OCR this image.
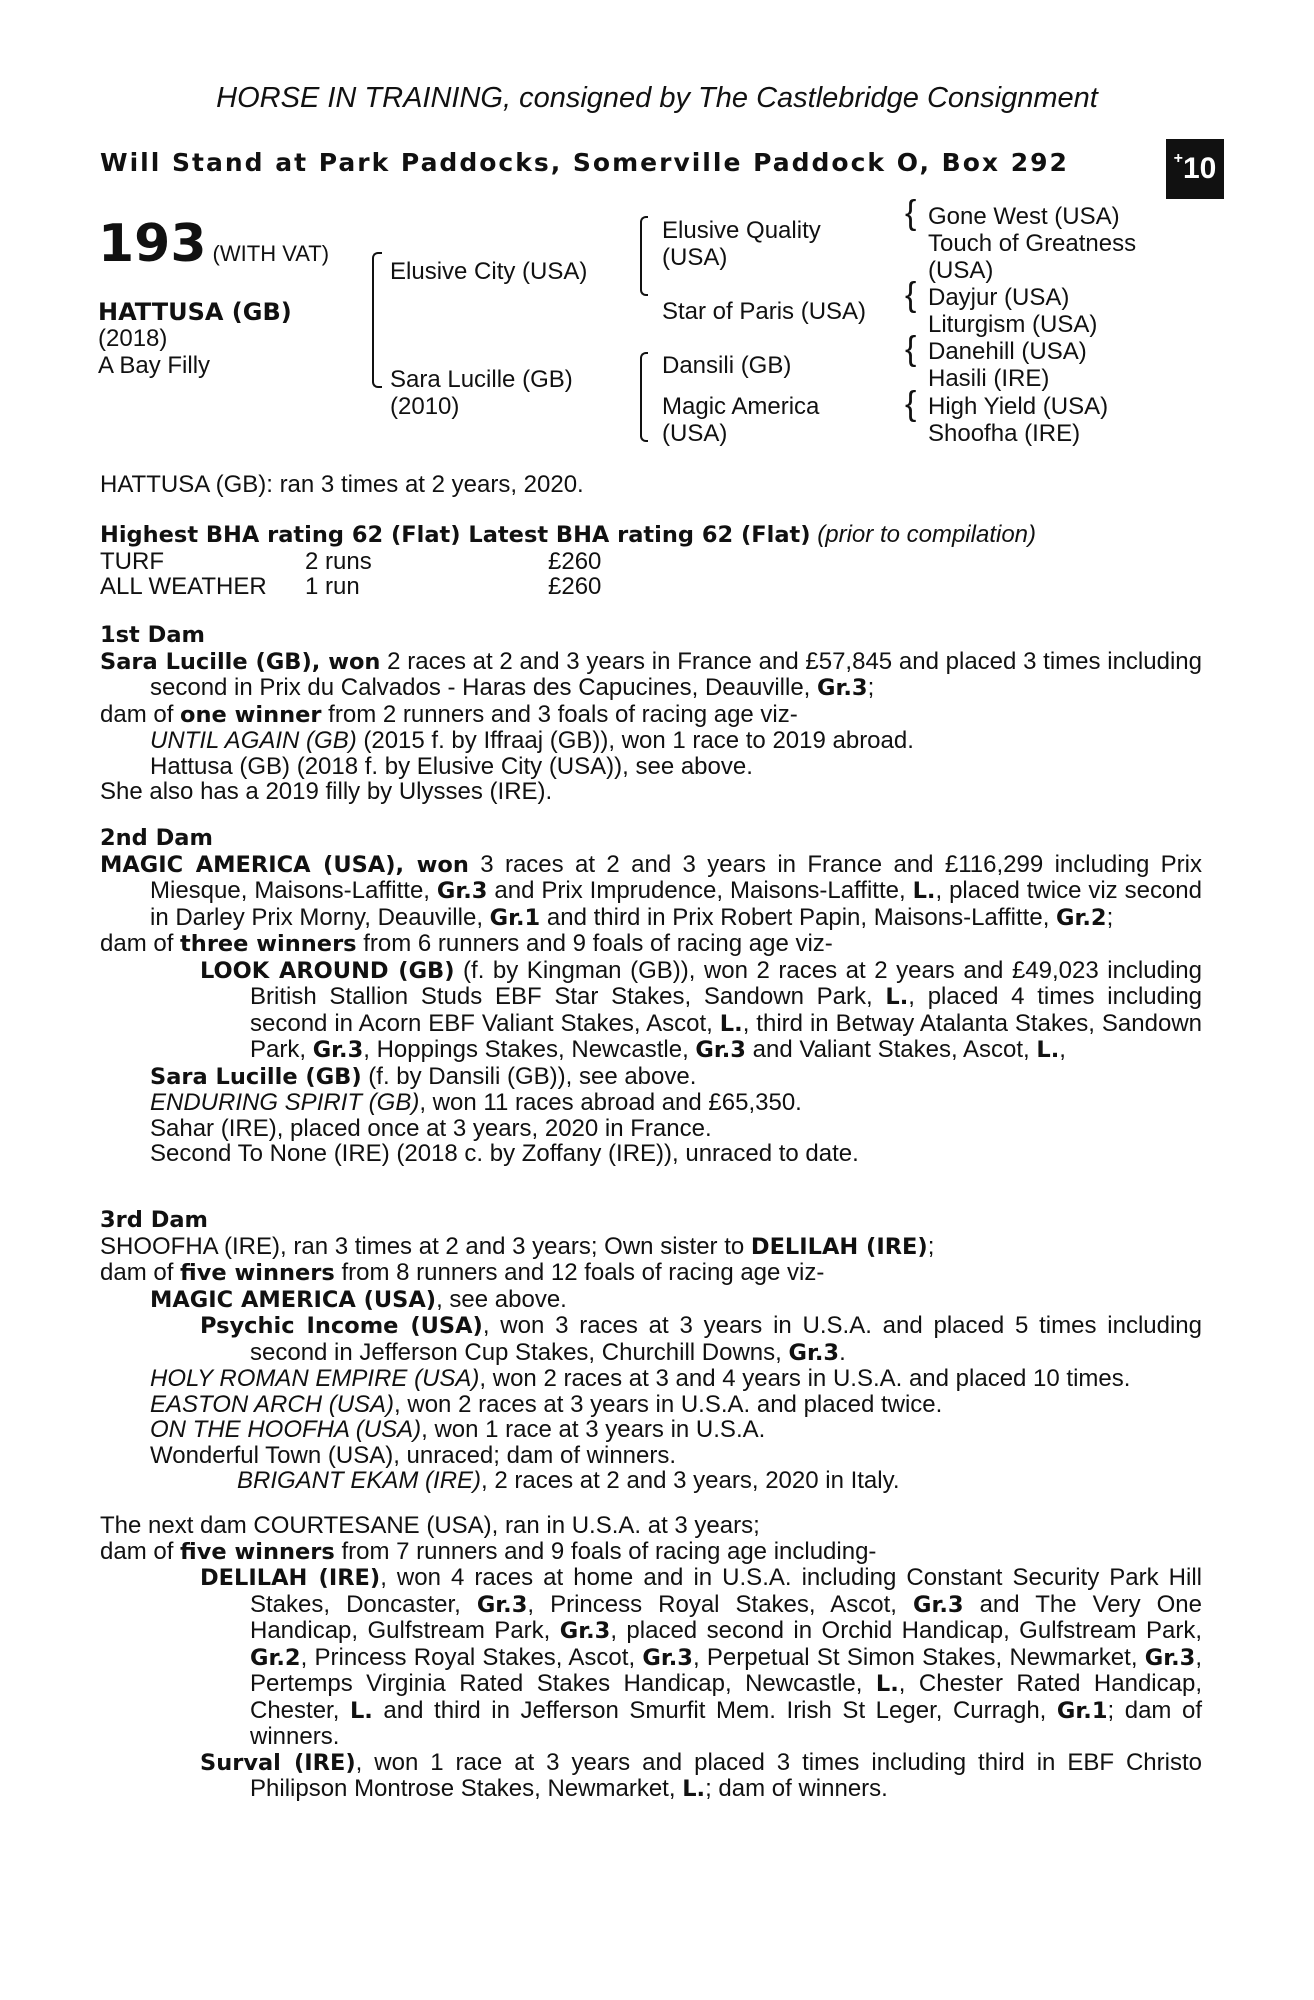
HORSE IN TRAINING, consigned by The Castlebridge Consignment
Will Stand at Park Paddocks, Somerville Paddock O, Box 292	+ 10
193 (WITH VAT)
HATTUSA (GB)
(2018)
A Bay Filly
Elusive City (USA)
Sara Lucille (GB)
(2010)
Elusive Quality (USA)
Star of Paris (USA)
Dansili (GB)
Magic America (USA)
{ Gone West (USA)
Touch of Greatness (USA)
{ Dayjur (USA)
Liturgism (USA)
{ Danehill (USA)
Hasili (IRE)
{ High Yield (USA)
Shoofha (IRE)
HATTUSA (GB): ran 3 times at 2 years, 2020.

Highest BHA rating 62 (Flat) Latest BHA rating 62 (Flat) (prior to compilation)

TURF	2 runs	£260

ALL WEATHER 1 run	£260

1st Dam

Sara Lucille (GB), won 2 races at 2 and 3 years in France and £57,845 and placed 3 times including second in Prix du Calvados - Haras des Capucines, Deauville, Gr.3;

dam of one winner from 2 runners and 3 foals of racing age viz-

UNTIL AGAIN (GB) (2015 f. by Iffraaj (GB)), won 1 race to 2019 abroad.

Hattusa (GB) (2018 f. by Elusive City (USA)), see above.

She also has a 2019 filly by Ulysses (IRE).

2nd Dam

MAGIC AMERICA (USA), won 3 races at 2 and 3 years in France and £116,299 including Prix Miesque, Maisons-Laffitte, Gr.3 and Prix Imprudence, Maisons-Laffitte, L., placed twice viz second in Darley Prix Morny, Deauville, Gr.1 and third in Prix Robert Papin, Maisons-Laffitte, Gr.2;

dam of three winners from 6 runners and 9 foals of racing age viz-

LOOK AROUND (GB) (f. by Kingman (GB)), won 2 races at 2 years and £49,023 including British Stallion Studs EBF Star Stakes, Sandown Park, L., placed 4 times including second in Acorn EBF Valiant Stakes, Ascot, L., third in Betway Atalanta Stakes, Sandown Park, Gr.3, Hoppings Stakes, Newcastle, Gr.3 and Valiant Stakes, Ascot, L.,

Sara Lucille (GB) (f. by Dansili (GB)), see above.

ENDURING SPIRIT (GB), won 11 races abroad and £65,350.

Sahar (IRE), placed once at 3 years, 2020 in France.

Second To None (IRE) (2018 c. by Zoffany (IRE)), unraced to date.

3rd Dam

SHOOFHA (IRE), ran 3 times at 2 and 3 years; Own sister to DELILAH (IRE);

dam of five winners from 8 runners and 12 foals of racing age viz-

MAGIC AMERICA (USA), see above.

Psychic Income (USA), won 3 races at 3 years in U.S.A. and placed 5 times including second in Jefferson Cup Stakes, Churchill Downs, Gr.3.

HOLY ROMAN EMPIRE (USA), won 2 races at 3 and 4 years in U.S.A. and placed 10 times.

EASTON ARCH (USA), won 2 races at 3 years in U.S.A. and placed twice.

ON THE HOOFHA (USA), won 1 race at 3 years in U.S.A.

Wonderful Town (USA), unraced; dam of winners.

BRIGANT EKAM (IRE), 2 races at 2 and 3 years, 2020 in Italy.

The next dam COURTESANE (USA), ran in U.S.A. at 3 years;

dam of five winners from 7 runners and 9 foals of racing age including-

DELILAH (IRE), won 4 races at home and in U.S.A. including Constant Security Park Hill Stakes, Doncaster, Gr.3, Princess Royal Stakes, Ascot, Gr.3 and The Very One Handicap, Gulfstream Park, Gr.3, placed second in Orchid Handicap, Gulfstream Park, Gr.2, Princess Royal Stakes, Ascot, Gr.3, Perpetual St Simon Stakes, Newmarket, Gr.3, Pertemps Virginia Rated Stakes Handicap, Newcastle, L., Chester Rated Handicap, Chester, L. and third in Jefferson Smurfit Mem. Irish St Leger, Curragh, Gr.1; dam of winners.

Surval (IRE), won 1 race at 3 years and placed 3 times including third in EBF Christo Philipson Montrose Stakes, Newmarket, L.; dam of winners.
